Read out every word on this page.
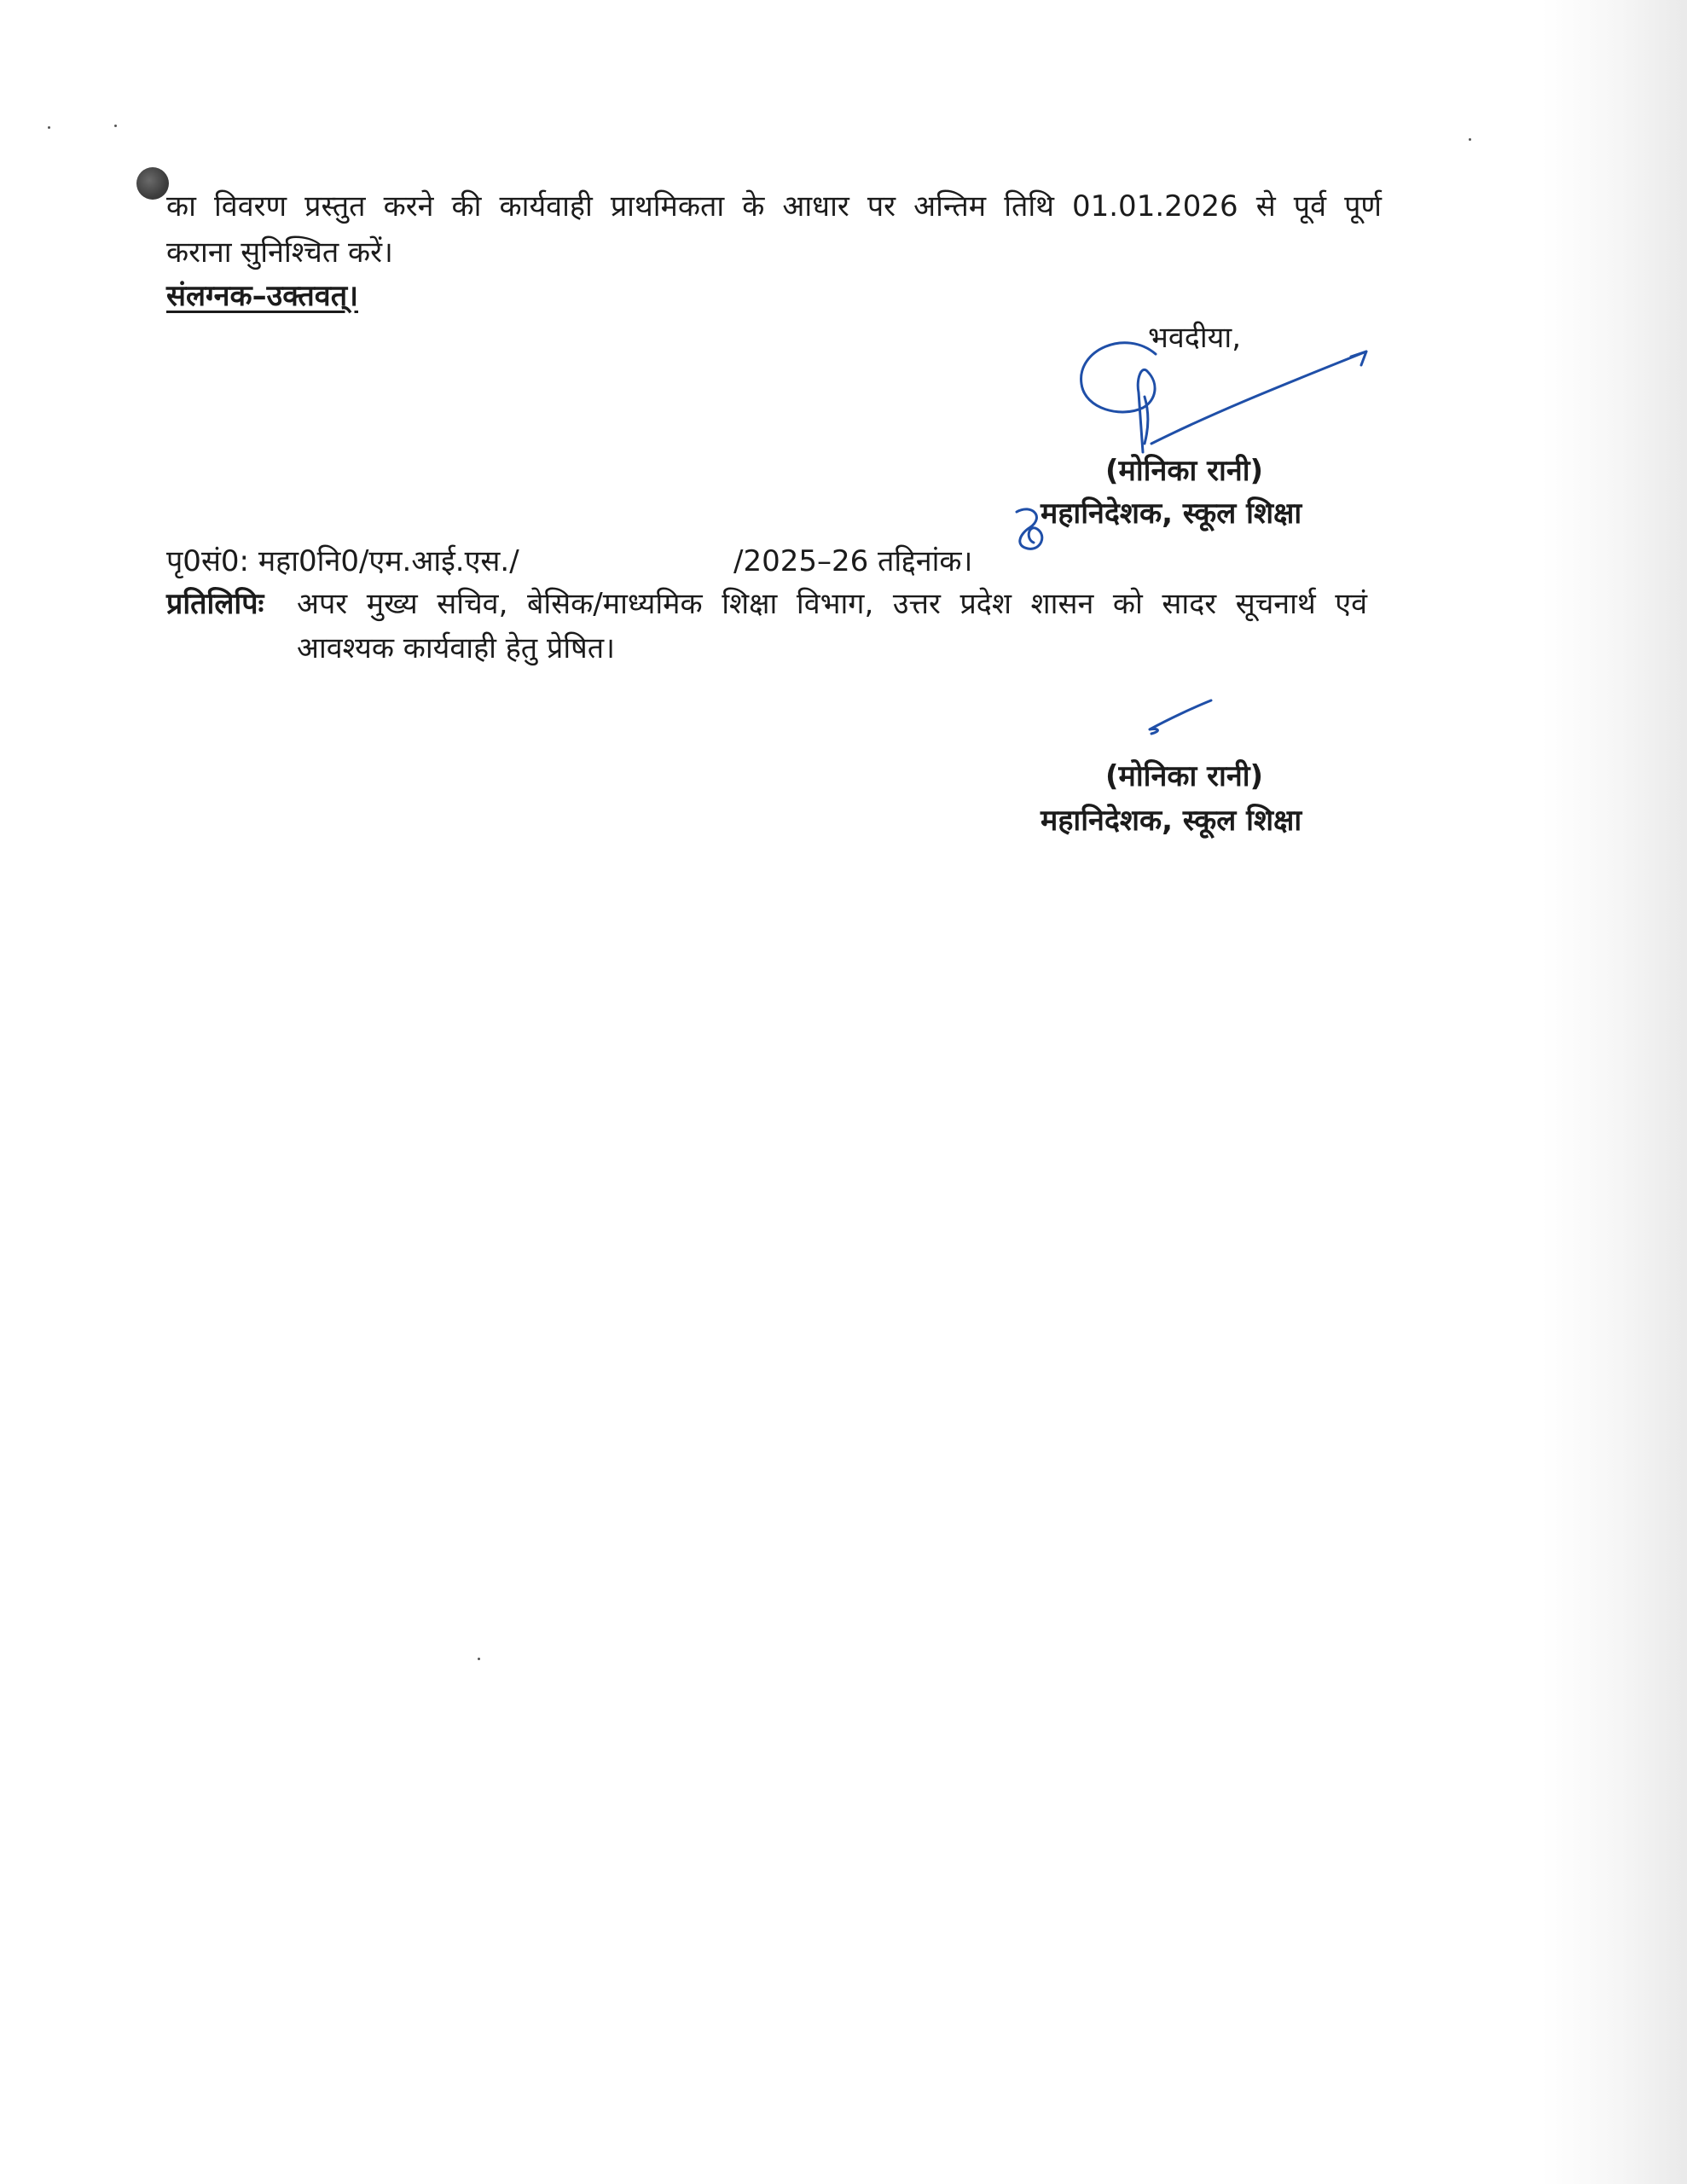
का विवरण प्रस्तुत करने की कार्यवाही प्राथमिकता के आधार पर अन्तिम तिथि 01.01.2026 से पूर्व पूर्ण

कराना सुनिश्चित करें।

संलग्नक–उक्तवत्।

भवदीया,

(मोनिका रानी)

महानिदेशक, स्कूल शिक्षा

पृ0सं0: महा0नि0/एम.आई.एस./	/2025–26 तद्दिनांक।

प्रतिलिपिः अपर मुख्य सचिव, बेसिक/माध्यमिक शिक्षा विभाग, उत्तर प्रदेश शासन को सादर सूचनार्थ एवं

आवश्यक कार्यवाही हेतु प्रेषित।

(मोनिका रानी)

महानिदेशक, स्कूल शिक्षा
